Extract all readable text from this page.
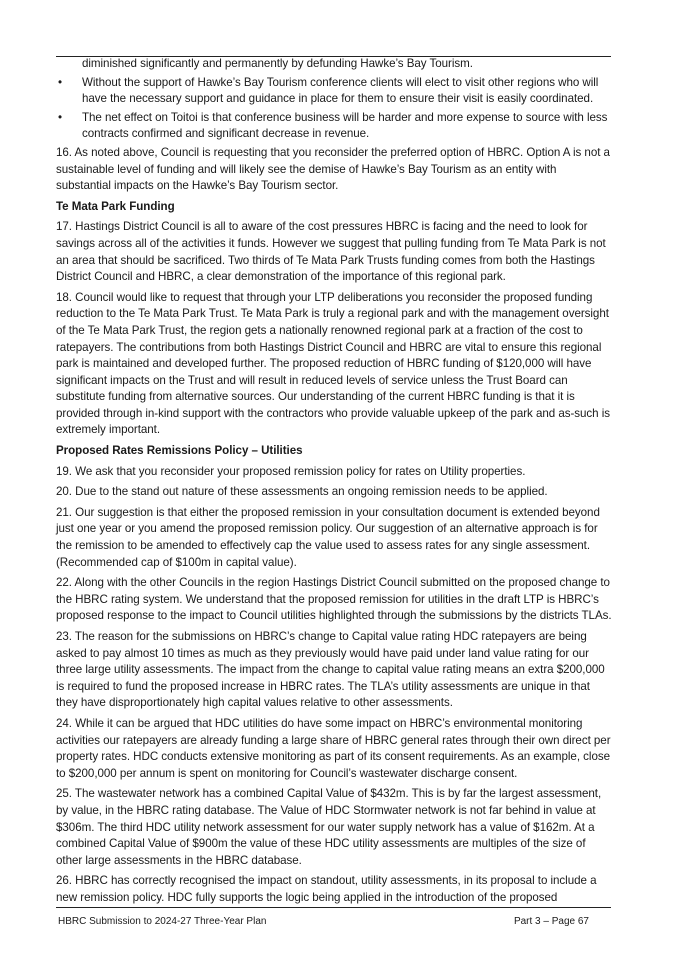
diminished significantly and permanently by defunding Hawke’s Bay Tourism.
• Without the support of Hawke’s Bay Tourism conference clients will elect to visit other regions who will have the necessary support and guidance in place for them to ensure their visit is easily coordinated.
• The net effect on Toitoi is that conference business will be harder and more expense to source with less contracts confirmed and significant decrease in revenue.

16. As noted above, Council is requesting that you reconsider the preferred option of HBRC. Option A is not a sustainable level of funding and will likely see the demise of Hawke’s Bay Tourism as an entity with substantial impacts on the Hawke’s Bay Tourism sector.

Te Mata Park Funding

17. Hastings District Council is all to aware of the cost pressures HBRC is facing and the need to look for savings across all of the activities it funds. However we suggest that pulling funding from Te Mata Park is not an area that should be sacrificed. Two thirds of Te Mata Park Trusts funding comes from both the Hastings District Council and HBRC, a clear demonstration of the importance of this regional park.

18. Council would like to request that through your LTP deliberations you reconsider the proposed funding reduction to the Te Mata Park Trust. Te Mata Park is truly a regional park and with the management oversight of the Te Mata Park Trust, the region gets a nationally renowned regional park at a fraction of the cost to ratepayers. The contributions from both Hastings District Council and HBRC are vital to ensure this regional park is maintained and developed further. The proposed reduction of HBRC funding of $120,000 will have significant impacts on the Trust and will result in reduced levels of service unless the Trust Board can substitute funding from alternative sources. Our understanding of the current HBRC funding is that it is provided through in-kind support with the contractors who provide valuable upkeep of the park and as-such is extremely important.

Proposed Rates Remissions Policy – Utilities

19. We ask that you reconsider your proposed remission policy for rates on Utility properties.

20. Due to the stand out nature of these assessments an ongoing remission needs to be applied.

21. Our suggestion is that either the proposed remission in your consultation document is extended beyond just one year or you amend the proposed remission policy. Our suggestion of an alternative approach is for the remission to be amended to effectively cap the value used to assess rates for any single assessment. (Recommended cap of $100m in capital value).

22. Along with the other Councils in the region Hastings District Council submitted on the proposed change to the HBRC rating system. We understand that the proposed remission for utilities in the draft LTP is HBRC’s proposed response to the impact to Council utilities highlighted through the submissions by the districts TLAs.

23. The reason for the submissions on HBRC’s change to Capital value rating HDC ratepayers are being asked to pay almost 10 times as much as they previously would have paid under land value rating for our three large utility assessments. The impact from the change to capital value rating means an extra $200,000 is required to fund the proposed increase in HBRC rates. The TLA’s utility assessments are unique in that they have disproportionately high capital values relative to other assessments.

24. While it can be argued that HDC utilities do have some impact on HBRC’s environmental monitoring activities our ratepayers are already funding a large share of HBRC general rates through their own direct per property rates. HDC conducts extensive monitoring as part of its consent requirements. As an example, close to $200,000 per annum is spent on monitoring for Council’s wastewater discharge consent.

25. The wastewater network has a combined Capital Value of $432m. This is by far the largest assessment, by value, in the HBRC rating database. The Value of HDC Stormwater network is not far behind in value at $306m. The third HDC utility network assessment for our water supply network has a value of $162m. At a combined Capital Value of $900m the value of these HDC utility assessments are multiples of the size of other large assessments in the HBRC database.

26. HBRC has correctly recognised the impact on standout, utility assessments, in its proposal to include a new remission policy. HDC fully supports the logic being applied in the introduction of the proposed

HBRC Submission to 2024-27 Three-Year Plan	Part 3 – Page 67
